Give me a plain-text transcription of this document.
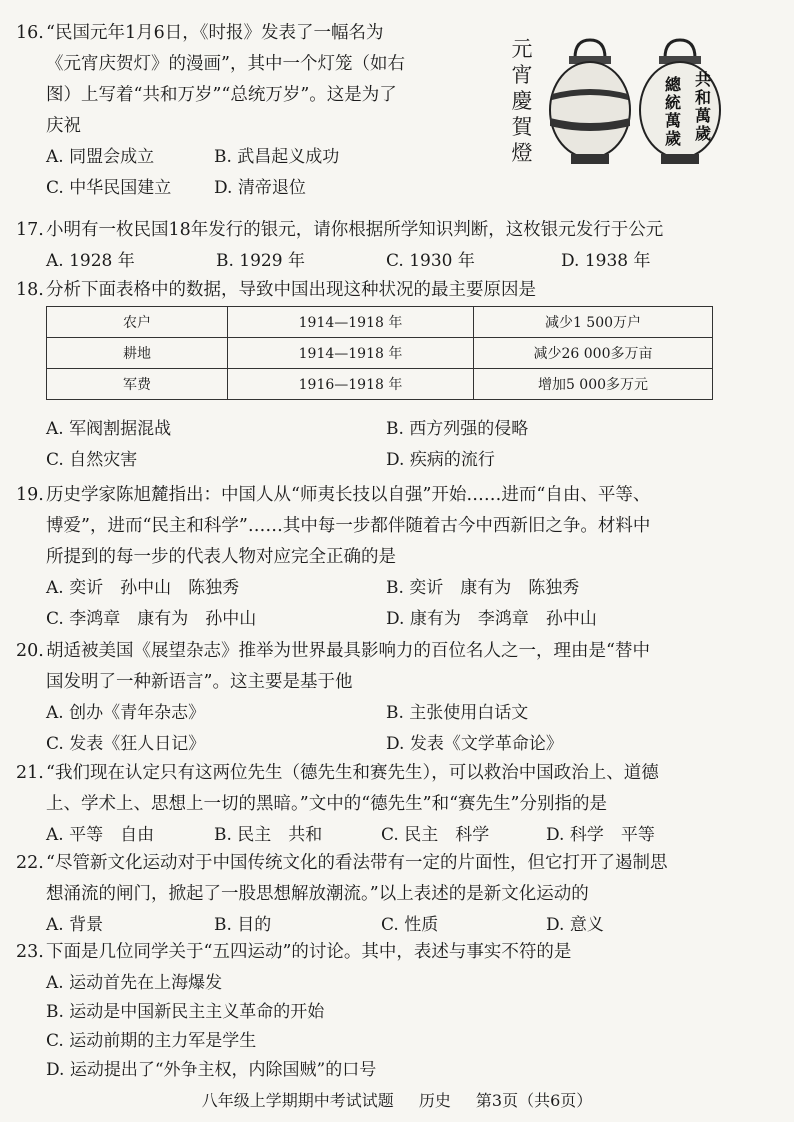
16. “民国元年1月6日，《时报》发表了一幅名为
《元宵庆贺灯》的漫画”，其中一个灯笼（如右
图）上写着“共和万岁”“总统万岁”。这是为了
庆祝
A. 同盟会成立	B. 武昌起义成功
C. 中华民国建立	D. 清帝退位
元
宵
慶
賀
燈
共
和
萬
歲
總
統
萬
歲
17. 小明有一枚民国18年发行的银元，请你根据所学知识判断，这枚银元发行于公元
A. 1928 年	B. 1929 年	C. 1930 年	D. 1938 年
18. 分析下面表格中的数据，导致中国出现这种状况的最主要原因是
农户	1914—1918 年	减少1 500万户
耕地	1914—1918 年	减少26 000多万亩
军费	1916—1918 年	增加5 000多万元
A. 军阀割据混战	B. 西方列强的侵略
C. 自然灾害	D. 疾病的流行
19. 历史学家陈旭麓指出：中国人从“师夷长技以自强”开始……进而“自由、平等、
博爱”，进而“民主和科学”……其中每一步都伴随着古今中西新旧之争。材料中
所提到的每一步的代表人物对应完全正确的是
A. 奕䜣　孙中山　陈独秀	B. 奕䜣　康有为　陈独秀
C. 李鸿章　康有为　孙中山	D. 康有为　李鸿章　孙中山
20. 胡适被美国《展望杂志》推举为世界最具影响力的百位名人之一，理由是“替中
国发明了一种新语言”。这主要是基于他
A. 创办《青年杂志》	B. 主张使用白话文
C. 发表《狂人日记》	D. 发表《文学革命论》
21. “我们现在认定只有这两位先生（德先生和赛先生），可以救治中国政治上、道德
上、学术上、思想上一切的黑暗。”文中的“德先生”和“赛先生”分别指的是
A. 平等　自由	B. 民主　共和	C. 民主　科学	D. 科学　平等
22. “尽管新文化运动对于中国传统文化的看法带有一定的片面性，但它打开了遏制思
想涌流的闸门，掀起了一股思想解放潮流。”以上表述的是新文化运动的
A. 背景	B. 目的	C. 性质	D. 意义
23. 下面是几位同学关于“五四运动”的讨论。其中，表述与事实不符的是
A. 运动首先在上海爆发
B. 运动是中国新民主主义革命的开始
C. 运动前期的主力军是学生
D. 运动提出了“外争主权，内除国贼”的口号
八年级上学期期中考试试题 历史 第3页（共6页）
